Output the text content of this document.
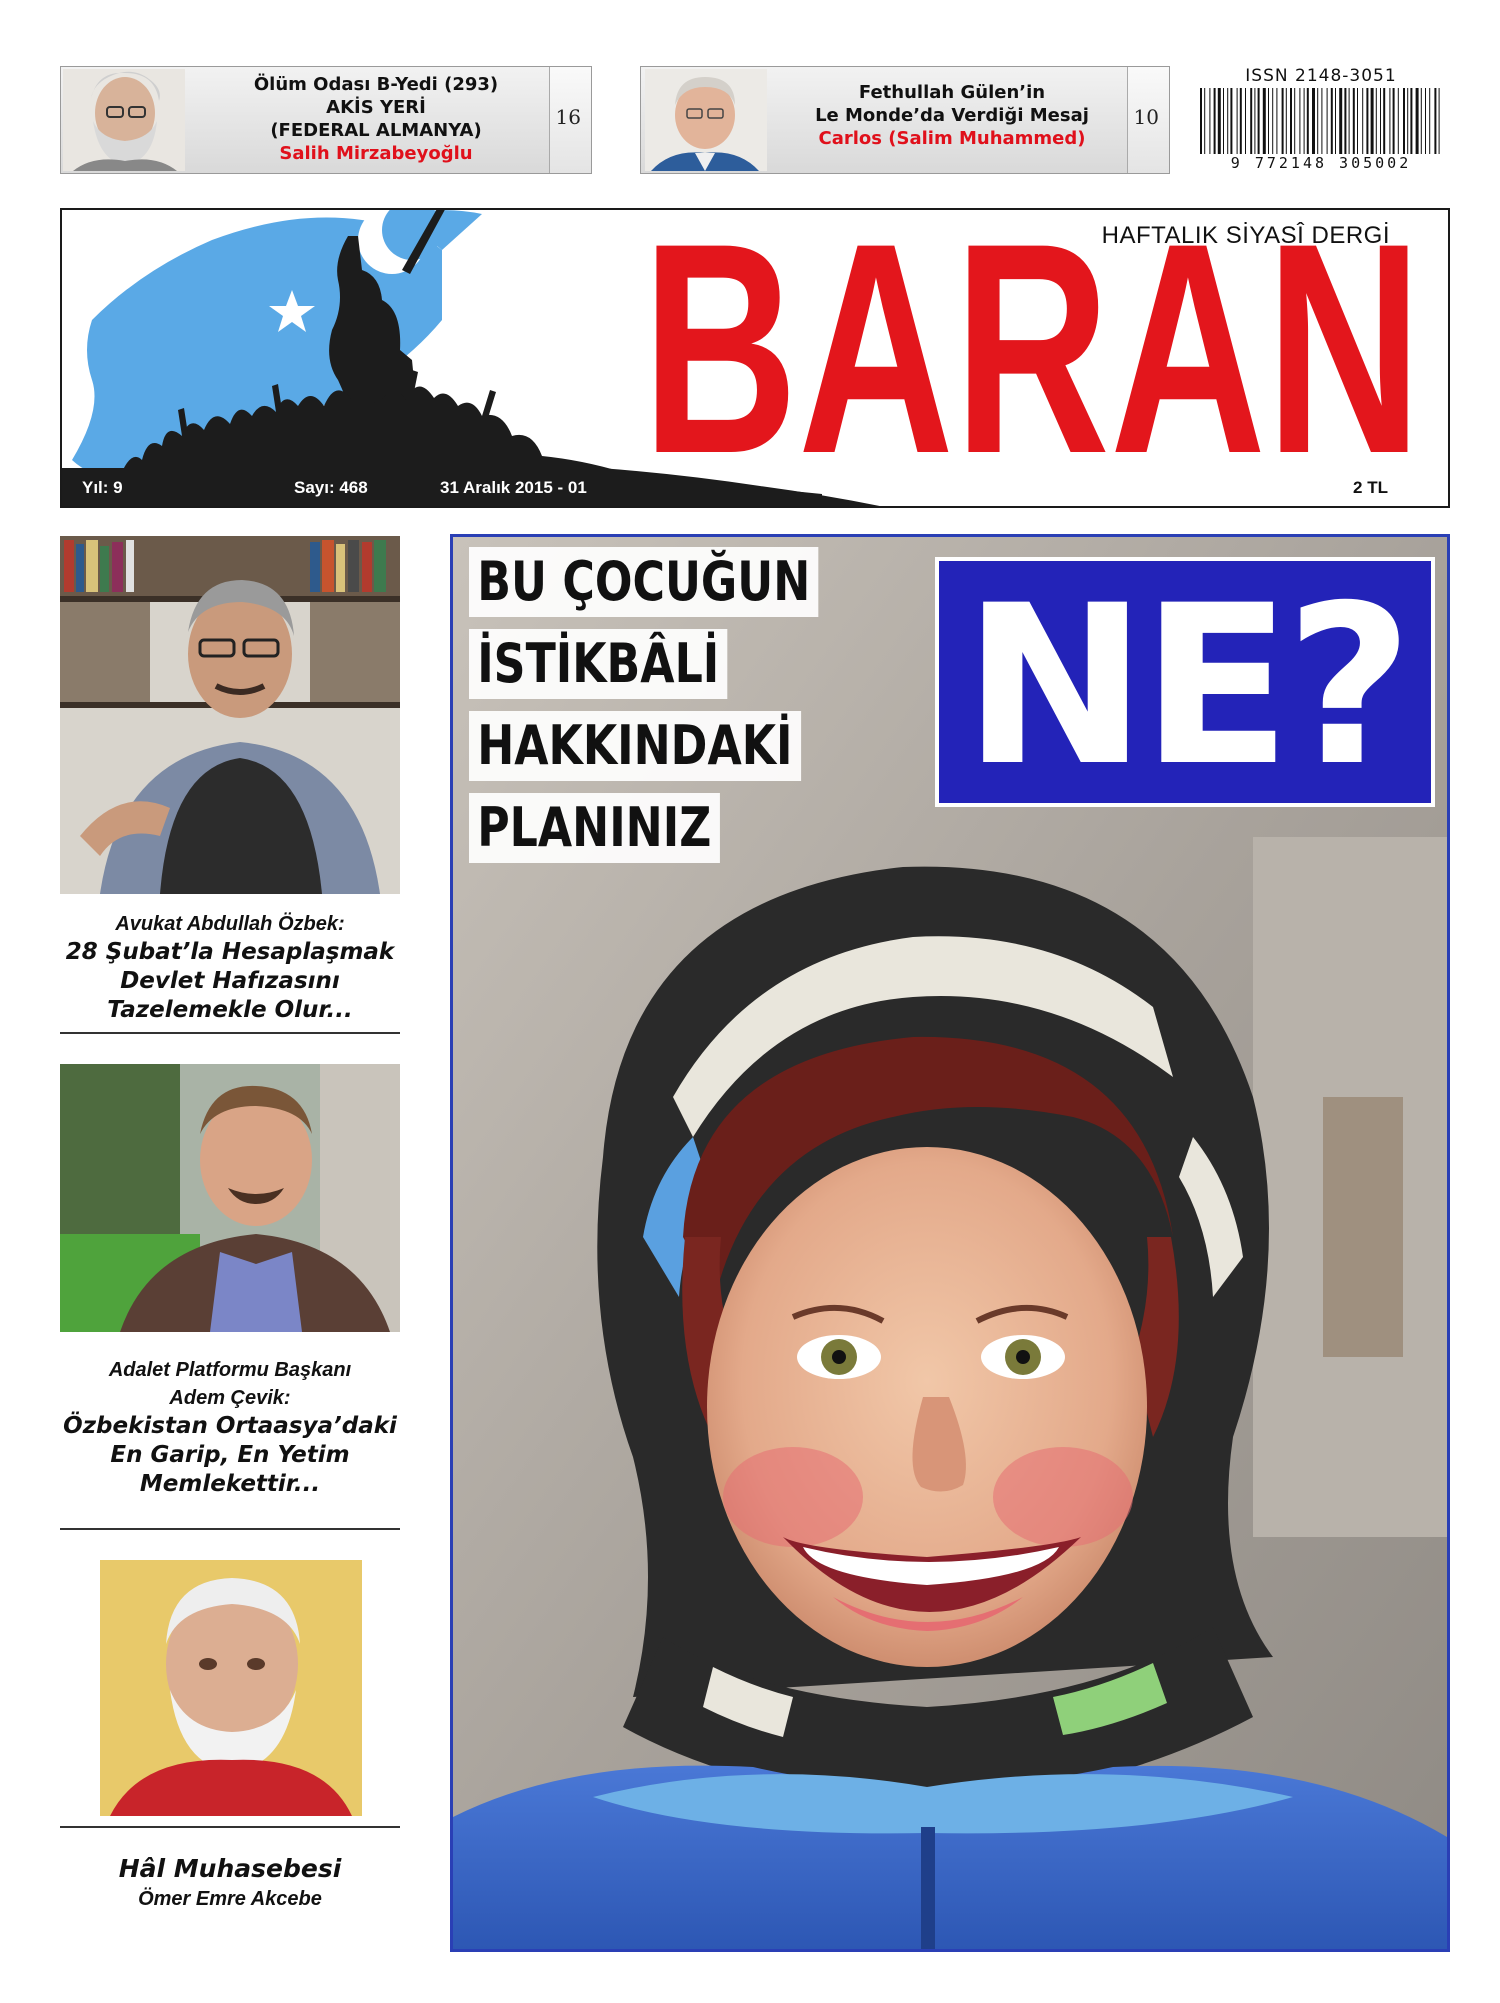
Ölüm Odası B-Yedi (293)
AKİS YERİ
(FEDERAL ALMANYA)
Salih Mirzabeyoğlu
16
Fethullah Gülen’in
Le Monde’da Verdiği Mesaj
Carlos (Salim Muhammed)
10
ISSN 2148-3051
9 772148 305002
HAFTALIK SİYASÎ DERGİ
BARAN
Yıl: 9	Sayı: 468	31 Aralık 2015 - 01	2 TL
Avukat Abdullah Özbek:
28 Şubat’la Hesaplaşmak
Devlet Hafızasını
Tazelemekle Olur...
Adalet Platformu Başkanı
Adem Çevik:
Özbekistan Ortaasya’daki
En Garip, En Yetim
Memlekettir...
Hâl Muhasebesi
Ömer Emre Akcebe
BU ÇOCUĞUN
İSTİKBÂLİ
HAKKINDAKİ
PLANINIZ
NE?
